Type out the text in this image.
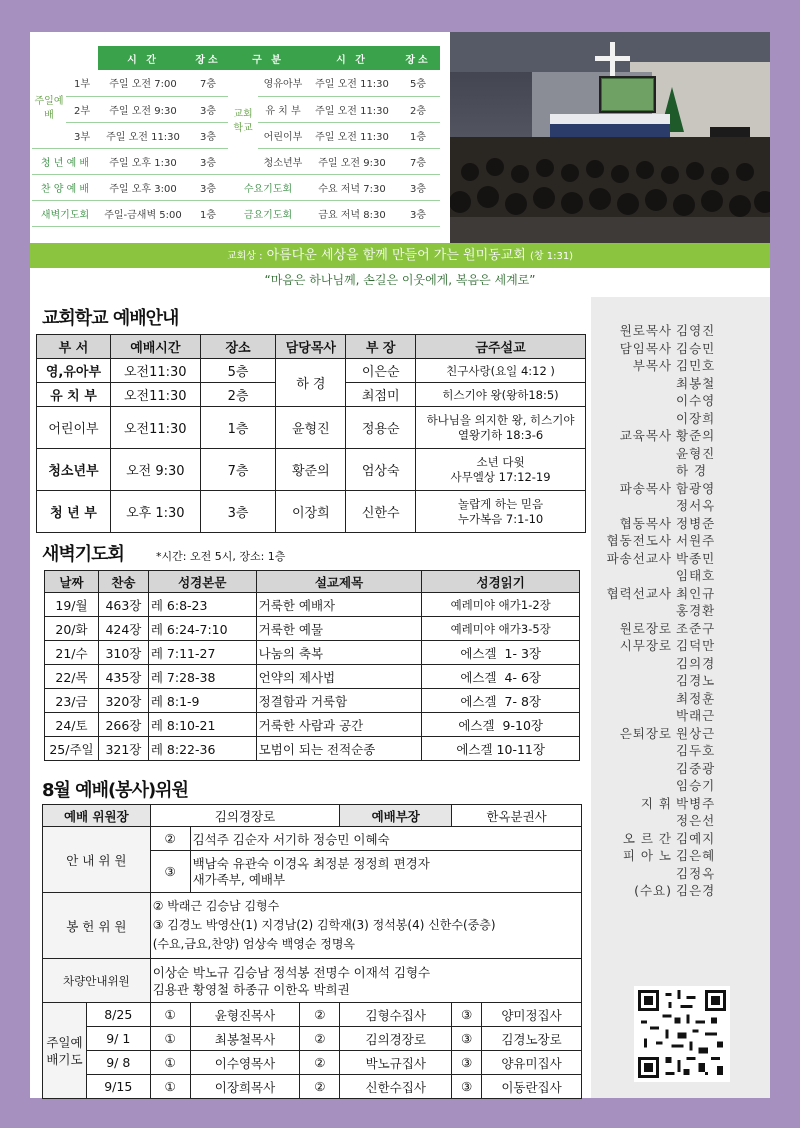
		시 간	장소	구 분		시 간	장소
주일예배	1부	주일 오전 7:00	7층	교회학교	영유아부	주일 오전 11:30	5층
	2부	주일 오전 9:30	3층		유 치 부	주일 오전 11:30	2층
	3부	주일 오전 11:30	3층		어린이부	주일 오전 11:30	1층
청 년 예 배		주일 오후 1:30	3층		청소년부	주일 오전 9:30	7층
찬 양 예 배		주일 오후 3:00	3층	수요기도회		수요 저녁 7:30	3층
새벽기도회		주일-금새벽 5:00	1층	금요기도회		금요 저녁 8:30	3층
교회상 : 아름다운 세상을 함께 만들어 가는 원미동교회 (창 1:31)
“마음은 하나님께, 손길은 이웃에게, 복음은 세계로”
교회학교 예배안내
부 서	예배시간	장소	담당목사	부 장	금주설교
영,유아부	오전11:30	5층	하 경	이은순	친구사랑(요일 4:12 )
유 치 부	오전11:30	2층		최점미	히스기야 왕(왕하18:5)
어린이부	오전11:30	1층	윤형진	정용순	하나님을 의지한 왕, 히스기야
열왕기하 18:3-6

청소년부	오전 9:30	7층	황준의	엄상숙	소년 다윗
사무엘상 17:12-19

청 년 부	오후 1:30	3층	이장희	신한수	놀랍게 하는 믿음
누가복음 7:1-10
새벽기도회	*시간: 오전 5시, 장소: 1층
날짜	찬송	성경본문	설교제목	성경읽기
19/월	463장	레 6:8-23	거룩한 예배자	예레미야 애가1-2장
20/화	424장	레 6:24-7:10	거룩한 예물	예레미야 애가3-5장
21/수	310장	레 7:11-27	나눔의 축복	에스겔  1- 3장
22/목	435장	레 7:28-38	언약의 제사법	에스겔  4- 6장
23/금	320장	레 8:1-9	정결함과 거룩함	에스겔  7- 8장
24/토	266장	레 8:10-21	거룩한 사람과 공간	에스겔  9-10장
25/주일	321장	레 8:22-36	모범이 되는 전적순종	에스겔 10-11장
8월 예배(봉사)위원
예배 위원장		김의경장로			예배부장	한옥분권사	
안 내 위 원		②	김석주 김순자 서기하 정승민 이혜숙				
		③	백남숙 유관숙 이경옥 최정분 정정희 편경자
새가족부, 예배부				

봉 헌 위 원		② 박래근 김승남 김형수
③ 김경노 박영산(1) 지경남(2) 김학재(3) 정석봉(4) 신한수(중층)
(수요,금요,찬양) 엄상숙 백영순 정명옥					

차량안내위원		이상순 박노규 김승남 정석봉 전명수 이재석 김형수
김용관 황영철 하종규 이한옥 박희권					

주일예배기도	8/25	①	윤형진목사	②	김형수집사	③	양미정집사
	9/ 1	①	최봉철목사	②	김의경장로	③	김경노장로
	9/ 8	①	이수영목사	②	박노규집사	③	양유미집사
	9/15	①	이장희목사	②	신한수집사	③	이동란집사
원로목사 김영진
담임목사 김승민
부목사 김민호
최봉철
이수영
이장희
교육목사 황준의
윤형진
하 경
파송목사 함광영
정서옥
협동목사 정병준
협동전도사 서원주
파송선교사 박종민
임태호
협력선교사 최인규
홍경환
원로장로 조준구
시무장로 김덕만
김의경
김경노
최정훈
박래근
은퇴장로 원상근
김두호
김중광
임승기
지 휘 박병주
정은선
오 르 간 김예지
피 아 노 김은혜
김정옥
(수요) 김은경
